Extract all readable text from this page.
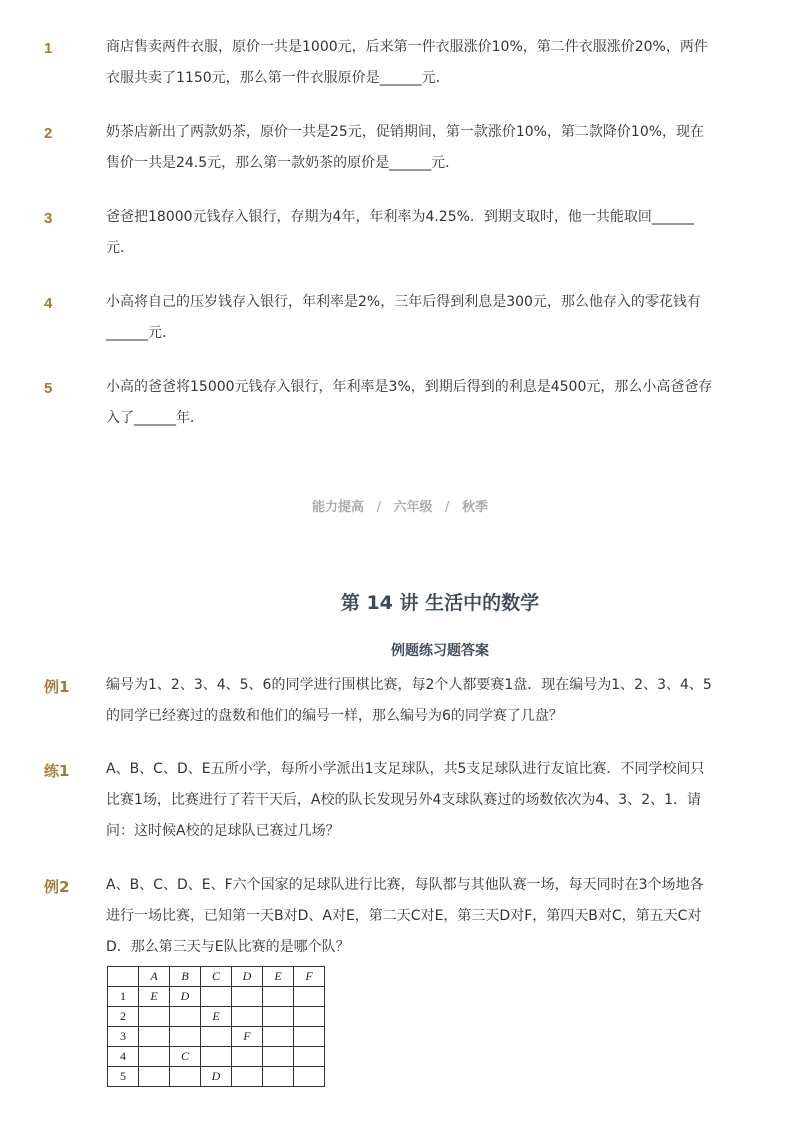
1	商店售卖两件衣服，原价一共是1000元，后来第一件衣服涨价10%，第二件衣服涨价20%，两件
衣服共卖了1150元，那么第一件衣服原价是______元．
2	奶茶店新出了两款奶茶，原价一共是25元，促销期间，第一款涨价10%，第二款降价10%，现在
售价一共是24.5元，那么第一款奶茶的原价是______元．
3	爸爸把18000元钱存入银行，存期为4年，年利率为4.25%．到期支取时，他一共能取回______
元．
4	小高将自己的压岁钱存入银行，年利率是2%，三年后得到利息是300元，那么他存入的零花钱有
______元．
5	小高的爸爸将15000元钱存入银行，年利率是3%，到期后得到的利息是4500元，那么小高爸爸存
入了______年．
能力提高 / 六年级 / 秋季
第 14 讲 生活中的数学
例题练习题答案
例1	编号为1、2、3、4、5、6的同学进行围棋比赛，每2个人都要赛1盘．现在编号为1、2、3、4、5
的同学已经赛过的盘数和他们的编号一样，那么编号为6的同学赛了几盘？
练1	A、B、C、D、E五所小学，每所小学派出1支足球队，共5支足球队进行友谊比赛．不同学校间只
比赛1场，比赛进行了若干天后，A校的队长发现另外4支球队赛过的场数依次为4、3、2、1．请
问：这时候A校的足球队已赛过几场？
例2	A、B、C、D、E、F六个国家的足球队进行比赛，每队都与其他队赛一场，每天同时在3个场地各
进行一场比赛，已知第一天B对D、A对E，第二天C对E，第三天D对F，第四天B对C，第五天C对
D．那么第三天与E队比赛的是哪个队？
	A	B	C	D	E	F
1	E	D				
2			E			
3				F		
4		C				
5			D			
